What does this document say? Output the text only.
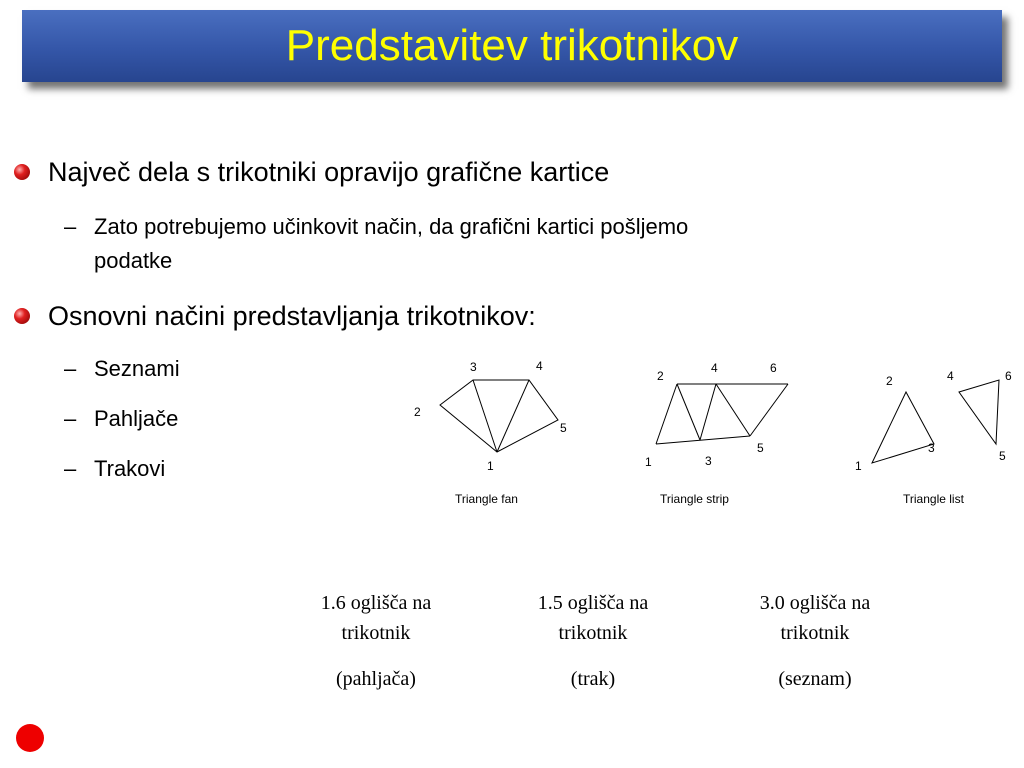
Predstavitev trikotnikov
Največ dela s trikotniki opravijo grafične kartice
– Zato potrebujemo učinkovit način, da grafični kartici pošljemo
podatke
Osnovni načini predstavljanja trikotnikov:
– Seznami
– Pahljače
– Trakovi	1
2
3	4
5
Triangle fan
1
2
3
4
5
6
Triangle strip
1
2
3
4
5
6
Triangle list
1.6 oglišča na
trikotnik
(pahljača)
1.5 oglišča na
trikotnik
(trak)
3.0 oglišča na
trikotnik
(seznam)
